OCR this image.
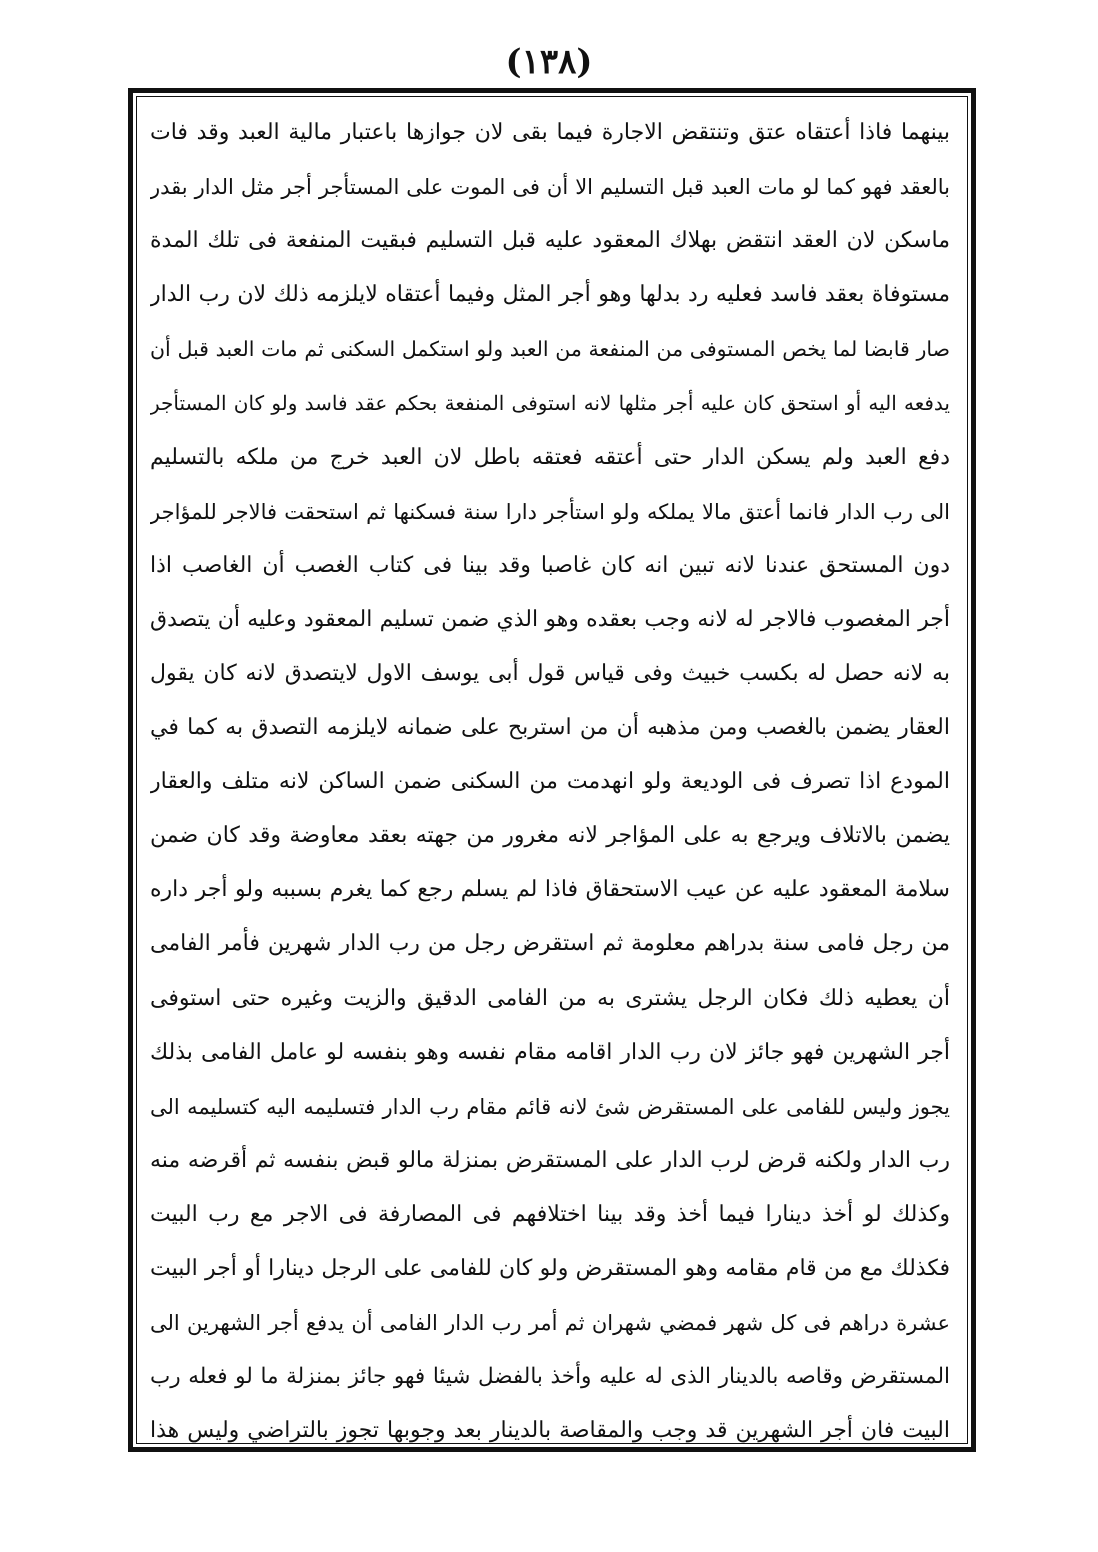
(١٣٨)
بينهما فاذا أعتقاه عتق وتنتقض الاجارة فيما بقى لان جوازها باعتبار مالية العبد وقد فات
بالعقد فهو كما لو مات العبد قبل التسليم الا أن فى الموت على المستأجر أجر مثل الدار بقدر
ماسكن لان العقد انتقض بهلاك المعقود عليه قبل التسليم فبقيت المنفعة فى تلك المدة
مستوفاة بعقد فاسد فعليه رد بدلها وهو أجر المثل وفيما أعتقاه لايلزمه ذلك لان رب الدار
صار قابضا لما يخص المستوفى من المنفعة من العبد ولو استكمل السكنى ثم مات العبد قبل أن
يدفعه اليه أو استحق كان عليه أجر مثلها لانه استوفى المنفعة بحكم عقد فاسد ولو كان المستأجر
دفع العبد ولم يسكن الدار حتى أعتقه فعتقه باطل لان العبد خرج من ملكه بالتسليم
الى رب الدار فانما أعتق مالا يملكه ولو استأجر دارا سنة فسكنها ثم استحقت فالاجر للمؤاجر
دون المستحق عندنا لانه تبين انه كان غاصبا وقد بينا فى كتاب الغصب أن الغاصب اذا
أجر المغصوب فالاجر له لانه وجب بعقده وهو الذي ضمن تسليم المعقود وعليه أن يتصدق
به لانه حصل له بكسب خبيث وفى قياس قول أبى يوسف الاول لايتصدق لانه كان يقول
العقار يضمن بالغصب ومن مذهبه أن من استربح على ضمانه لايلزمه التصدق به كما في
المودع اذا تصرف فى الوديعة ولو انهدمت من السكنى ضمن الساكن لانه متلف والعقار
يضمن بالاتلاف ويرجع به على المؤاجر لانه مغرور من جهته بعقد معاوضة وقد كان ضمن
سلامة المعقود عليه عن عيب الاستحقاق فاذا لم يسلم رجع كما يغرم بسببه ولو أجر داره
من رجل فامى سنة بدراهم معلومة ثم استقرض رجل من رب الدار شهرين فأمر الفامى
أن يعطيه ذلك فكان الرجل يشترى به من الفامى الدقيق والزيت وغيره حتى استوفى
أجر الشهرين فهو جائز لان رب الدار اقامه مقام نفسه وهو بنفسه لو عامل الفامى بذلك
يجوز وليس للفامى على المستقرض شئ لانه قائم مقام رب الدار فتسليمه اليه كتسليمه الى
رب الدار ولكنه قرض لرب الدار على المستقرض بمنزلة مالو قبض بنفسه ثم أقرضه منه
وكذلك لو أخذ دينارا فيما أخذ وقد بينا اختلافهم فى المصارفة فى الاجر مع رب البيت
فكذلك مع من قام مقامه وهو المستقرض ولو كان للفامى على الرجل دينارا أو أجر البيت
عشرة دراهم فى كل شهر فمضي شهران ثم أمر رب الدار الفامى أن يدفع أجر الشهرين الى
المستقرض وقاصه بالدينار الذى له عليه وأخذ بالفضل شيئا فهو جائز بمنزلة ما لو فعله رب
البيت فان أجر الشهرين قد وجب والمقاصة بالدينار بعد وجوبها تجوز بالتراضي وليس هذا
